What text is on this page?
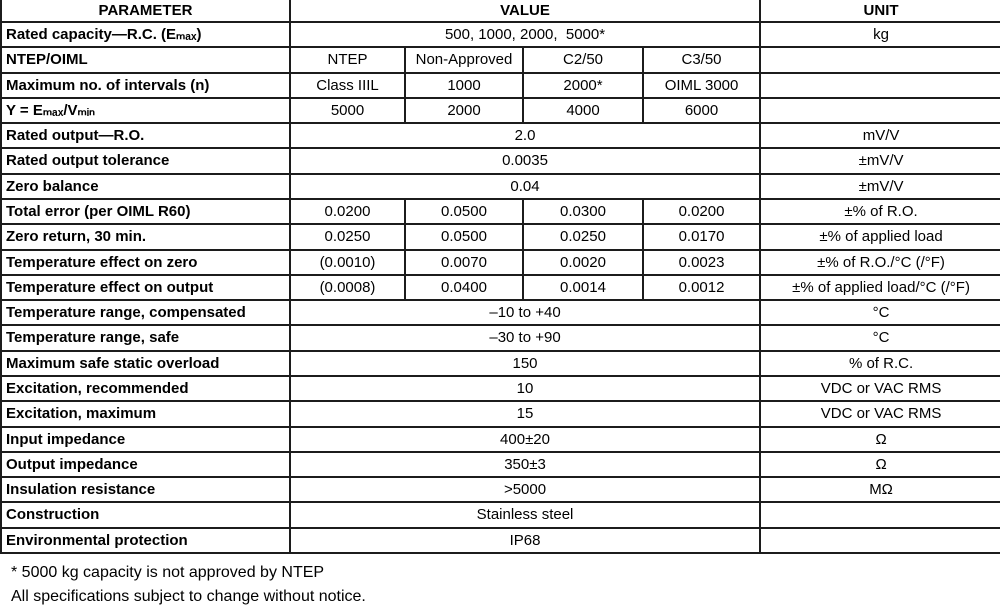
PARAMETER	VALUE				UNIT
Rated capacity—R.C. (Eₘₐₓ)	500, 1000, 2000,  5000*				kg
NTEP/OIML	NTEP	Non-Approved	C2/50	C3/50	
Maximum no. of intervals (n)	Class IIIL	1000	2000*	OIML 3000	
Y = Eₘₐₓ/Vₘᵢₙ	5000	2000	4000	6000	
Rated output—R.O.	2.0				mV/V
Rated output tolerance	0.0035				±mV/V
Zero balance	0.04				±mV/V
Total error (per OIML R60)	0.0200	0.0500	0.0300	0.0200	±% of R.O.
Zero return, 30 min.	0.0250	0.0500	0.0250	0.0170	±% of applied load
Temperature effect on zero	(0.0010)	0.0070	0.0020	0.0023	±% of R.O./°C (/°F)
Temperature effect on output	(0.0008)	0.0400	0.0014	0.0012	±% of applied load/°C (/°F)
Temperature range, compensated	–10 to +40				°C
Temperature range, safe	–30 to +90				°C
Maximum safe static overload	150				% of R.C.
Excitation, recommended	10				VDC or VAC RMS
Excitation, maximum	15				VDC or VAC RMS
Input impedance	400±20				Ω
Output impedance	350±3				Ω
Insulation resistance	>5000				MΩ
Construction	Stainless steel				
Environmental protection	IP68				
* 5000 kg capacity is not approved by NTEP
All specifications subject to change without notice.
